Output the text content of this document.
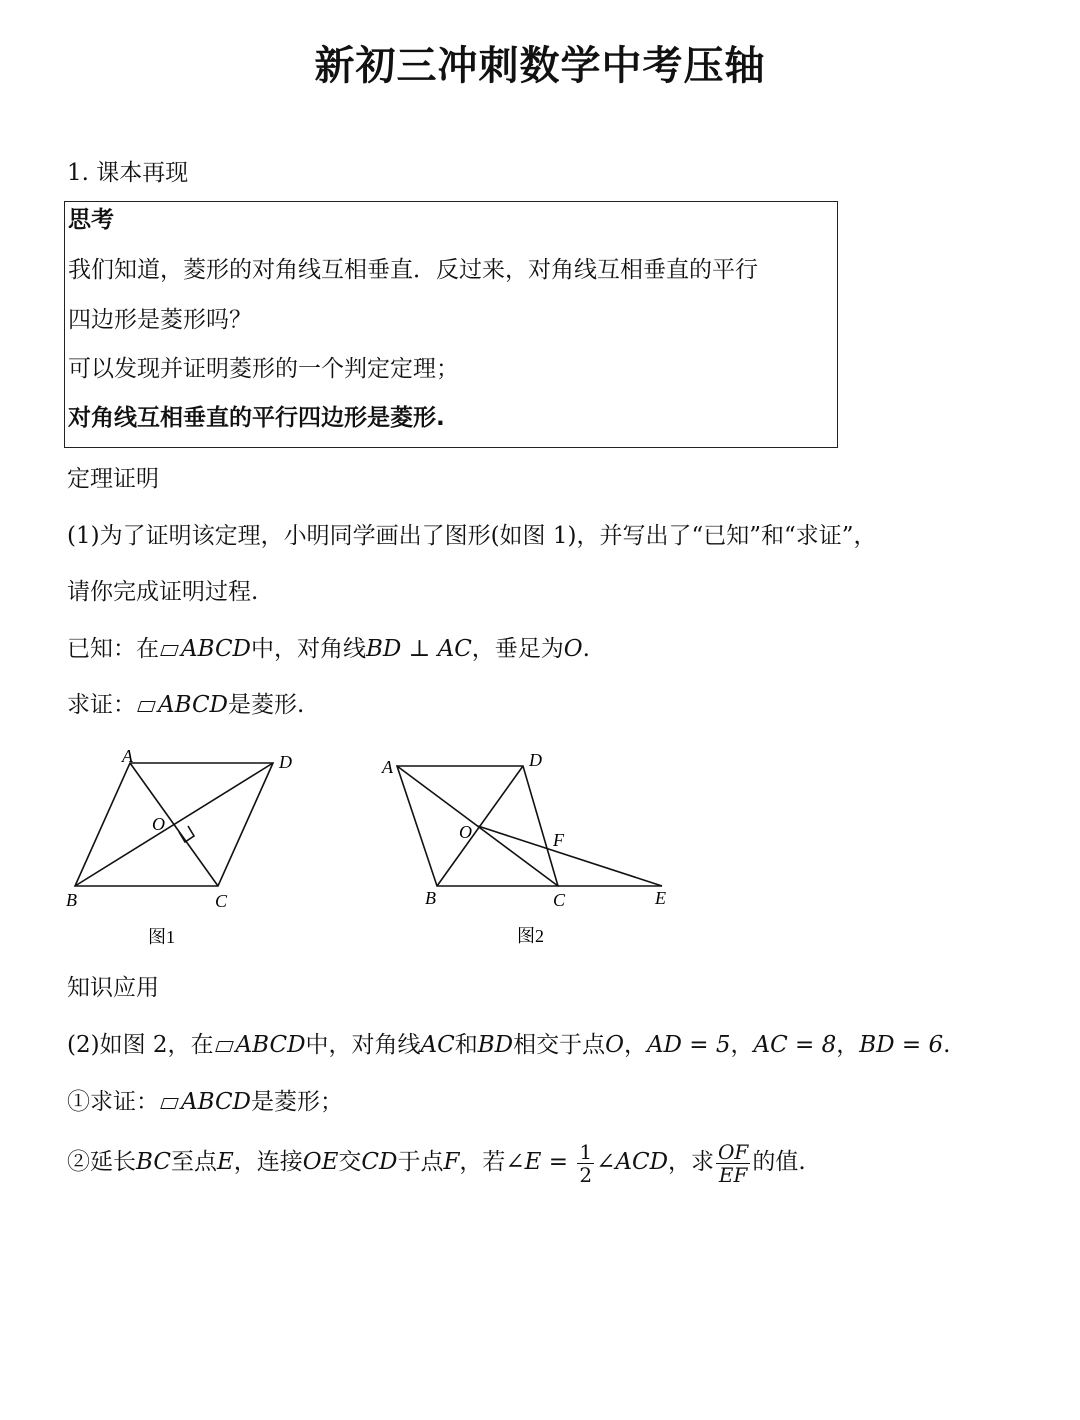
新初三冲刺数学中考压轴
1. 课本再现
思考
我们知道，菱形的对角线互相垂直．反过来，对角线互相垂直的平行
四边形是菱形吗？
可以发现并证明菱形的一个判定定理；
对角线互相垂直的平行四边形是菱形.
定理证明
(1)为了证明该定理，小明同学画出了图形(如图 1)，并写出了“已知”和“求证”，
请你完成证明过程.
已知：在 ABCD中，对角线BD ⊥ AC，垂足为O.
求证： ABCD是菱形.
A	D
O
B	C
图1
A	D
O	F
B	C	E
图2
知识应用
(2)如图 2，在 ABCD中，对角线AC和BD相交于点O，AD = 5，AC = 8，BD = 6.
①求证： ABCD是菱形；
②延长BC至点E，连接OE交CD于点F，若∠E = $\frac{1}{2}$ ∠ACD，求 $\frac{OF}{EF}$ 的值.
